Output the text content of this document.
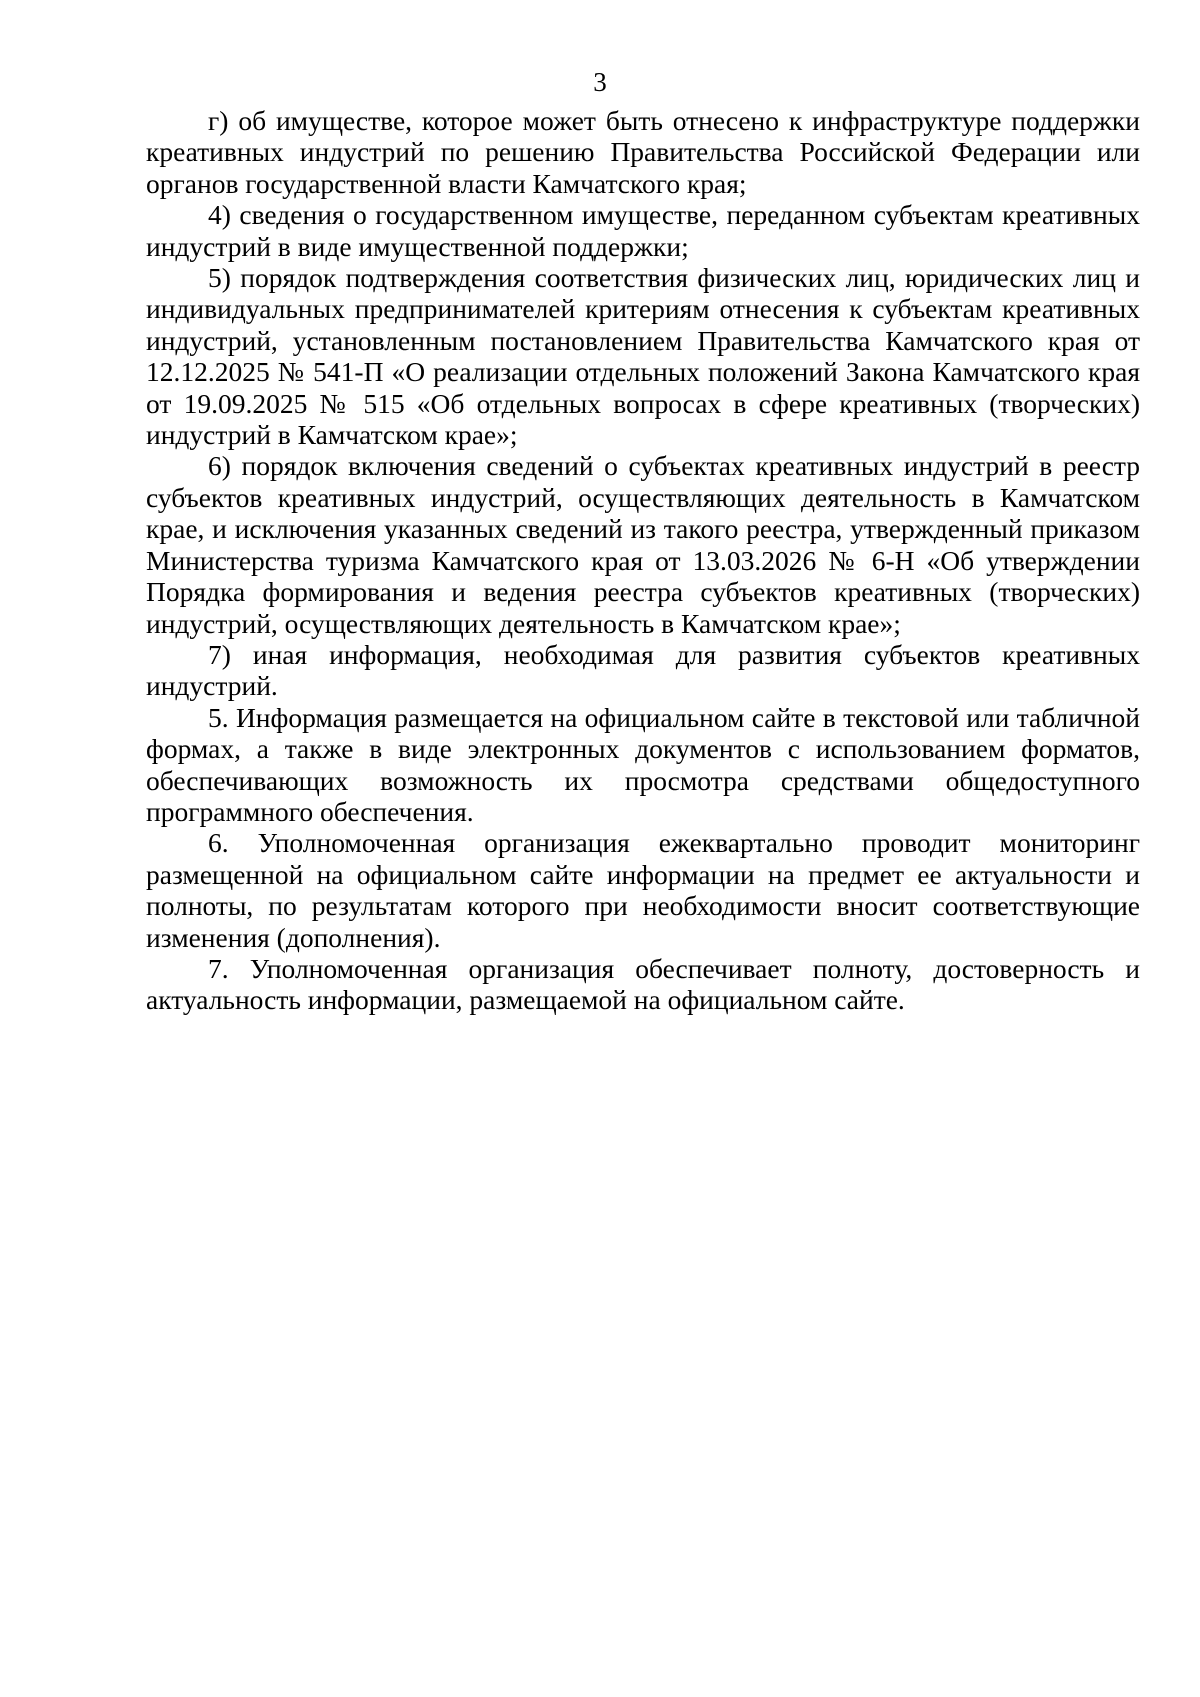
3

г) об имуществе, которое может быть отнесено к инфраструктуре поддержки креативных индустрий по решению Правительства Российской Федерации или органов государственной власти Камчатского края;

4) сведения о государственном имуществе, переданном субъектам креативных индустрий в виде имущественной поддержки;

5) порядок подтверждения соответствия физических лиц, юридических лиц и индивидуальных предпринимателей критериям отнесения к субъектам креативных индустрий, установленным постановлением Правительства Камчатского края от 12.12.2025 № 541-П «О реализации отдельных положений Закона Камчатского края от 19.09.2025 № 515 «Об отдельных вопросах в сфере креативных (творческих) индустрий в Камчатском крае»;

6) порядок включения сведений о субъектах креативных индустрий в реестр субъектов креативных индустрий, осуществляющих деятельность в Камчатском крае, и исключения указанных сведений из такого реестра, утвержденный приказом Министерства туризма Камчатского края от 13.03.2026 № 6-Н «Об утверждении Порядка формирования и ведения реестра субъектов креативных (творческих) индустрий, осуществляющих деятельность в Камчатском крае»;

7) иная информация, необходимая для развития субъектов креативных индустрий.

5. Информация размещается на официальном сайте в текстовой или табличной формах, а также в виде электронных документов с использованием форматов, обеспечивающих возможность их просмотра средствами общедоступного программного обеспечения.

6. Уполномоченная организация ежеквартально проводит мониторинг размещенной на официальном сайте информации на предмет ее актуальности и полноты, по результатам которого при необходимости вносит соответствующие изменения (дополнения).

7. Уполномоченная организация обеспечивает полноту, достоверность и актуальность информации, размещаемой на официальном сайте.
